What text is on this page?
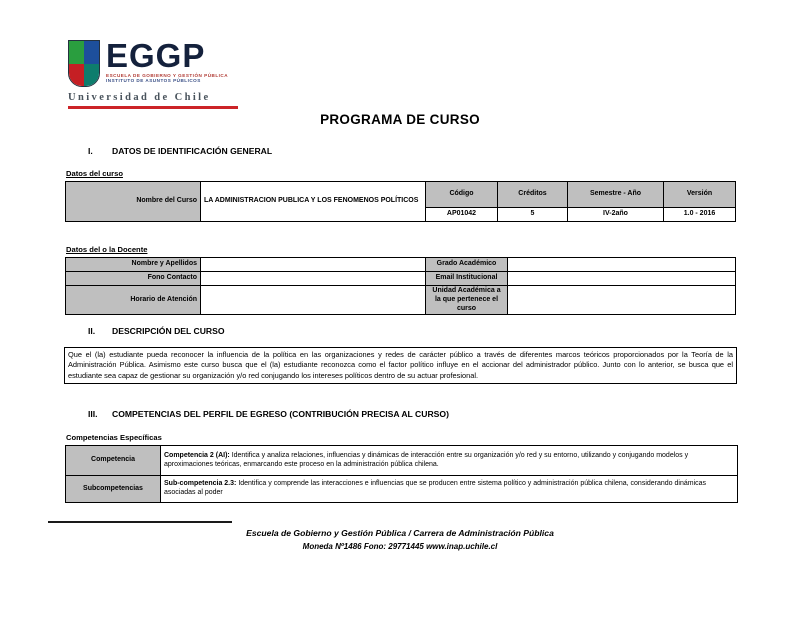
EGGP
ESCUELA DE GOBIERNO Y GESTIÓN PÚBLICA
INSTITUTO DE ASUNTOS PÚBLICOS
Universidad de Chile
PROGRAMA DE CURSO
I.	DATOS DE IDENTIFICACIÓN GENERAL
Datos del curso
Nombre del Curso	LA ADMINISTRACION PUBLICA Y LOS FENOMENOS POLÍTICOS	Código	Créditos	Semestre - Año	Versión
		AP01042	5	IV-2año	1.0 - 2016
Datos del o la Docente
Nombre y Apellidos		Grado Académico	
Fono Contacto		Email Institucional	
Horario de Atención		Unidad Académica a la que pertenece el curso	
II.	DESCRIPCIÓN DEL CURSO
Que el (la) estudiante pueda reconocer la influencia de la política en las organizaciones y redes de carácter público a través de diferentes marcos teóricos proporcionados por la Teoría de la Administración Pública. Asimismo este curso busca que el (la) estudiante reconozca como el factor político influye en el accionar del administrador público. Junto con lo anterior, se busca que el estudiante sea capaz de gestionar su organización y/o red conjugando los intereses políticos dentro de su actuar profesional.
III.	COMPETENCIAS DEL PERFIL DE EGRESO (CONTRIBUCIÓN PRECISA AL CURSO)
Competencias Específicas
Competencia	Competencia 2 (AI): Identifica y analiza relaciones, influencias y dinámicas de interacción entre su organización y/o red y su entorno, utilizando y conjugando modelos y aproximaciones teóricas, enmarcando este proceso en la administración pública chilena.
Subcompetencias	Sub-competencia 2.3: Identifica y comprende las interacciones e influencias que se producen entre sistema político y administración pública chilena, considerando dinámicas asociadas al poder
Escuela de Gobierno y Gestión Pública / Carrera de Administración Pública
Moneda Nº1486 Fono: 29771445 www.inap.uchile.cl
